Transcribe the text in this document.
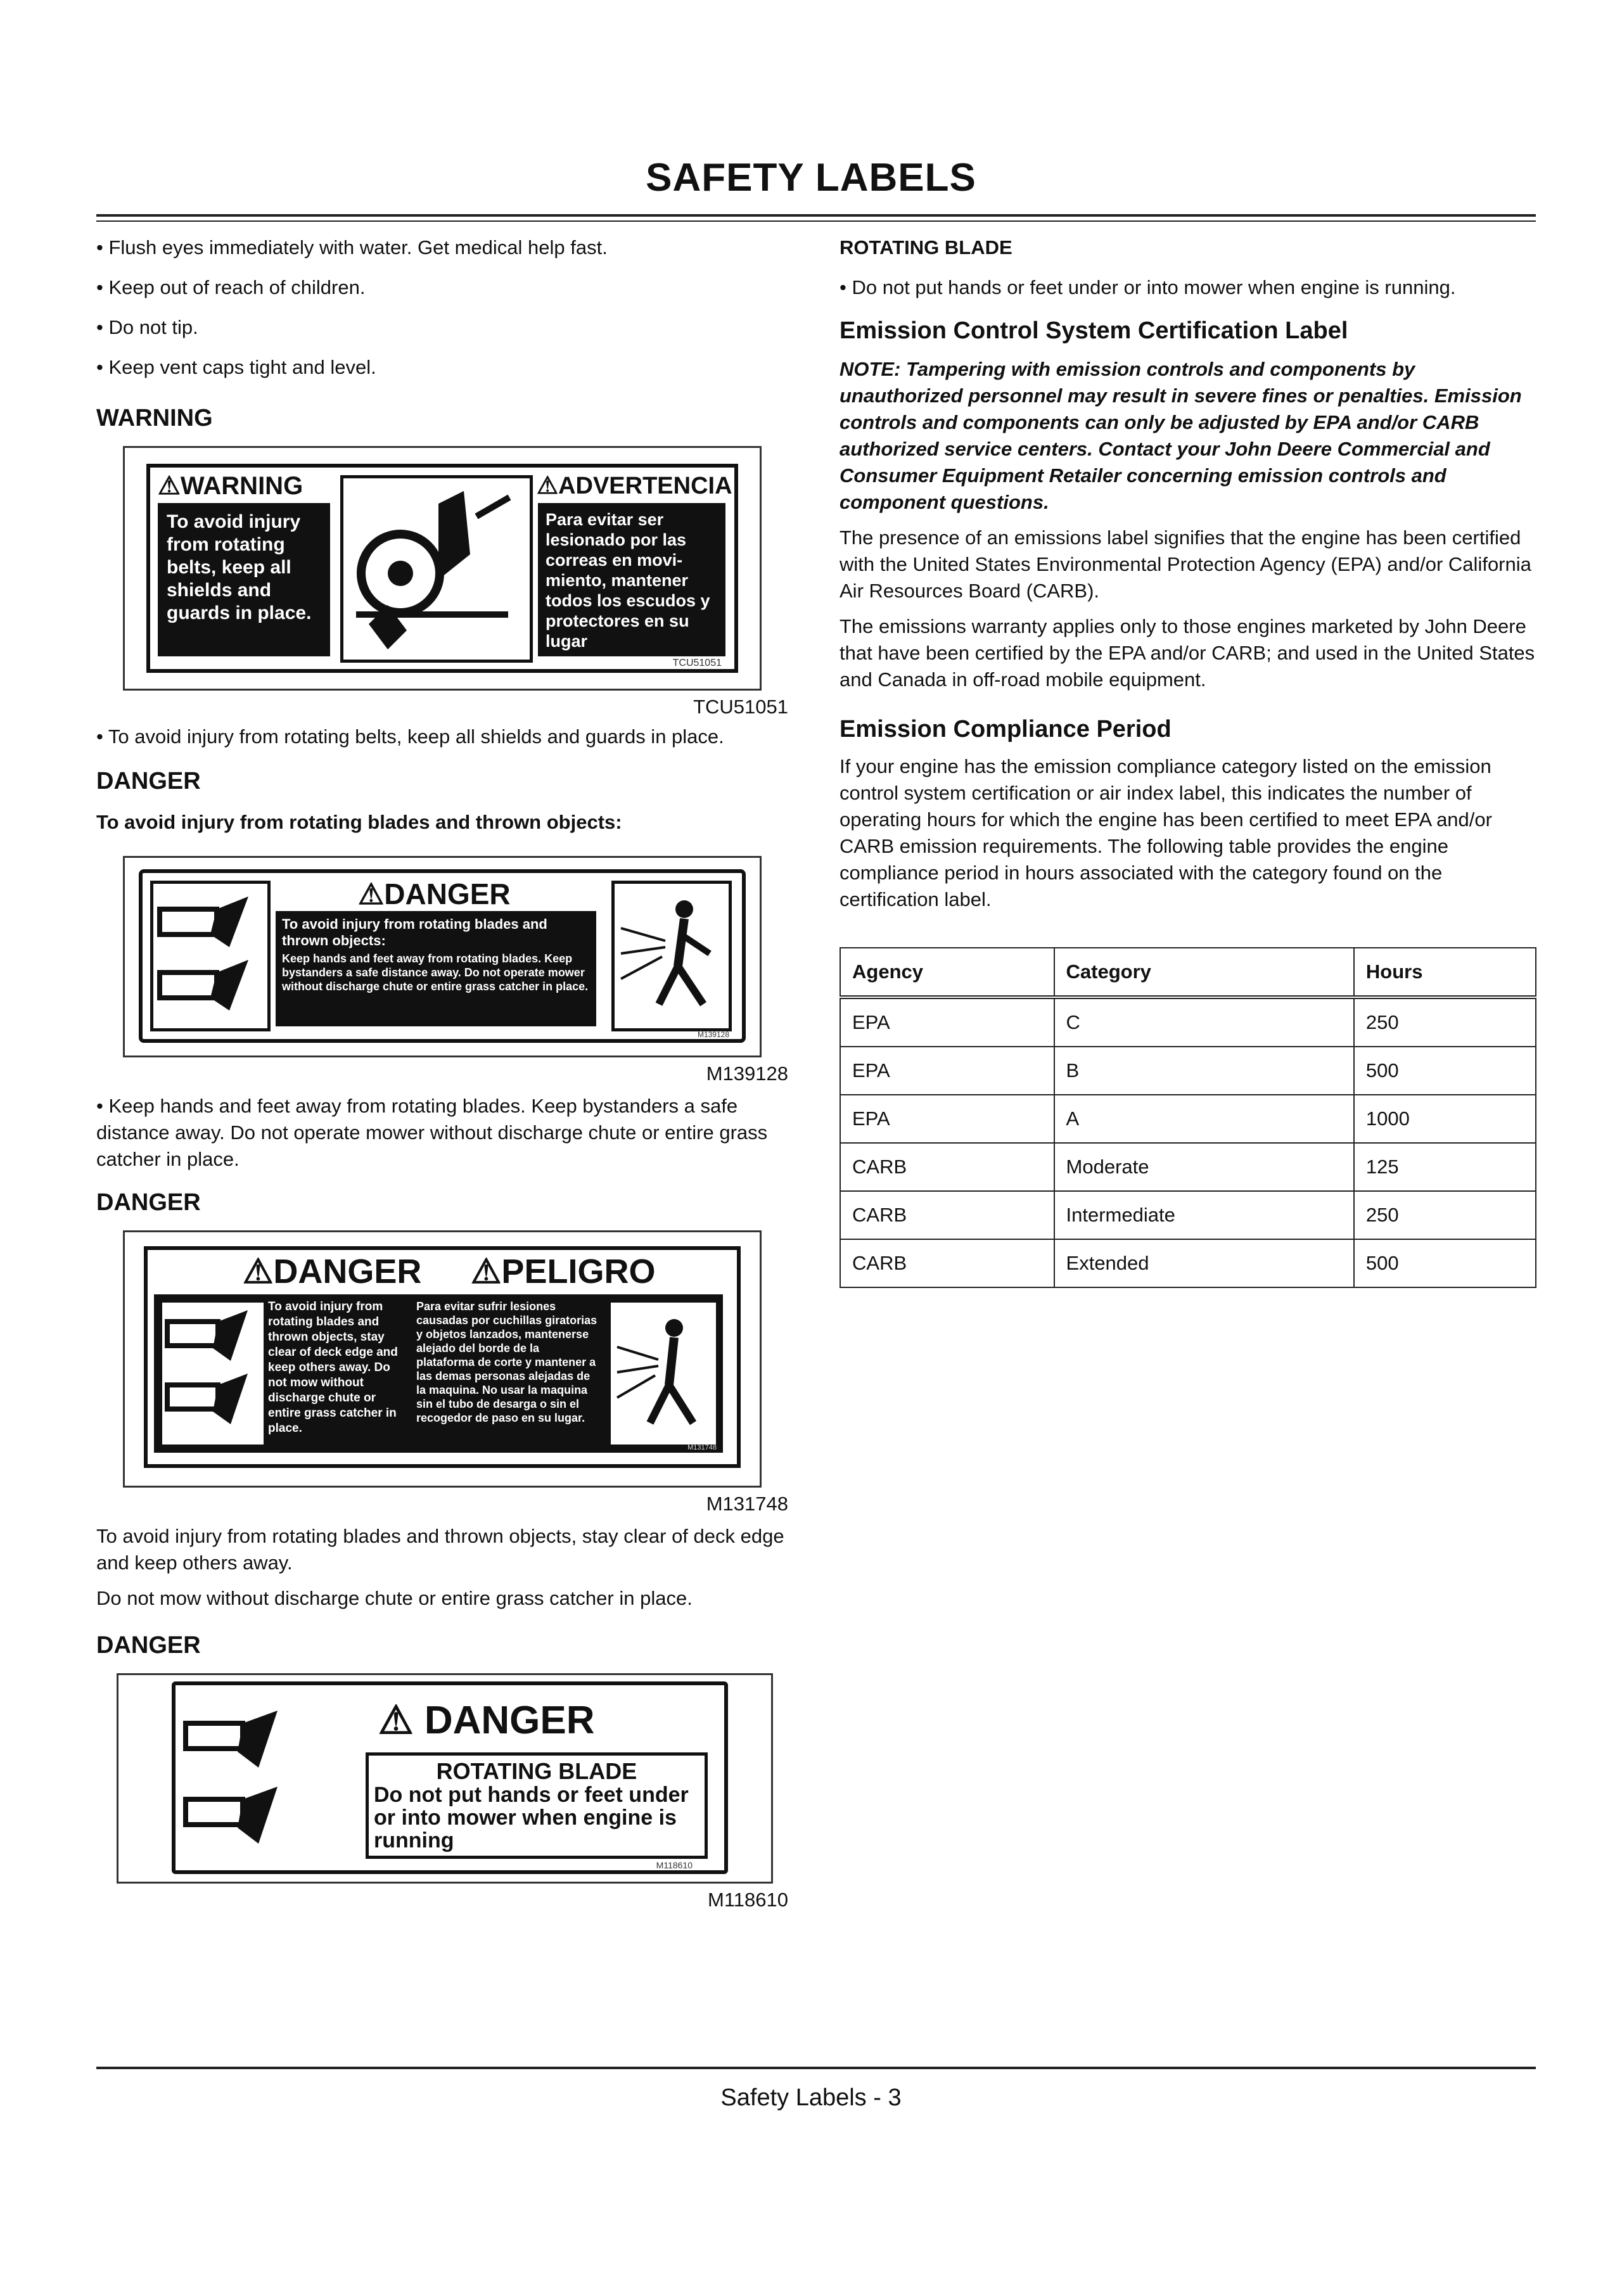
SAFETY LABELS

• Flush eyes immediately with water. Get medical help fast.

• Keep out of reach of children.

• Do not tip.

• Keep vent caps tight and level.

WARNING
⚠WARNING	⚠ADVERTENCIA

To avoid injury from rotating belts, keep all shields and guards in place.

Para evitar ser lesionado por las correas en movi- miento, mantener todos los escudos y protectores en su lugar

TCU51051

TCU51051

• To avoid injury from rotating belts, keep all shields and guards in place.

DANGER

To avoid injury from rotating blades and thrown objects:

⚠DANGER

To avoid injury from rotating blades and thrown objects:

Keep hands and feet away from rotating blades. Keep bystanders a safe distance away. Do not operate mower without discharge chute or entire grass catcher in place.

M139128

M139128

• Keep hands and feet away from rotating blades. Keep bystanders a safe distance away. Do not operate mower without discharge chute or entire grass catcher in place.

DANGER
⚠DANGER ⚠PELIGRO

To avoid injury from rotating blades and thrown objects, stay clear of deck edge and keep others away. Do not mow without discharge chute or entire grass catcher in place.

Para evitar sufrir lesiones causadas por cuchillas giratorias y objetos lanzados, mantenerse alejado del borde de la plataforma de corte y mantener a las demas personas alejadas de la maquina. No usar la maquina sin el tubo de desarga o sin el recogedor de paso en su lugar.

M131748

M131748

To avoid injury from rotating blades and thrown objects, stay clear of deck edge and keep others away.

Do not mow without discharge chute or entire grass catcher in place.

DANGER
⚠ DANGER

ROTATING BLADE

Do not put hands or feet under or into mower when engine is running

M118610

M118610

ROTATING BLADE

• Do not put hands or feet under or into mower when engine is running.

Emission Control System Certification Label

NOTE: Tampering with emission controls and components by unauthorized personnel may result in severe fines or penalties. Emission controls and components can only be adjusted by EPA and/or CARB authorized service centers. Contact your John Deere Commercial and Consumer Equipment Retailer concerning emission controls and component questions.

The presence of an emissions label signifies that the engine has been certified with the United States Environmental Protection Agency (EPA) and/or California Air Resources Board (CARB).

The emissions warranty applies only to those engines marketed by John Deere that have been certified by the EPA and/or CARB; and used in the United States and Canada in off-road mobile equipment.

Emission Compliance Period

If your engine has the emission compliance category listed on the emission control system certification or air index label, this indicates the number of operating hours for which the engine has been certified to meet EPA and/or CARB emission requirements. The following table provides the engine compliance period in hours associated with the category found on the certification label.

Agency	Category	Hours
EPA	C	250
EPA	B	500
EPA	A	1000
CARB	Moderate	125
CARB	Intermediate	250
CARB	Extended	500
Safety Labels - 3
